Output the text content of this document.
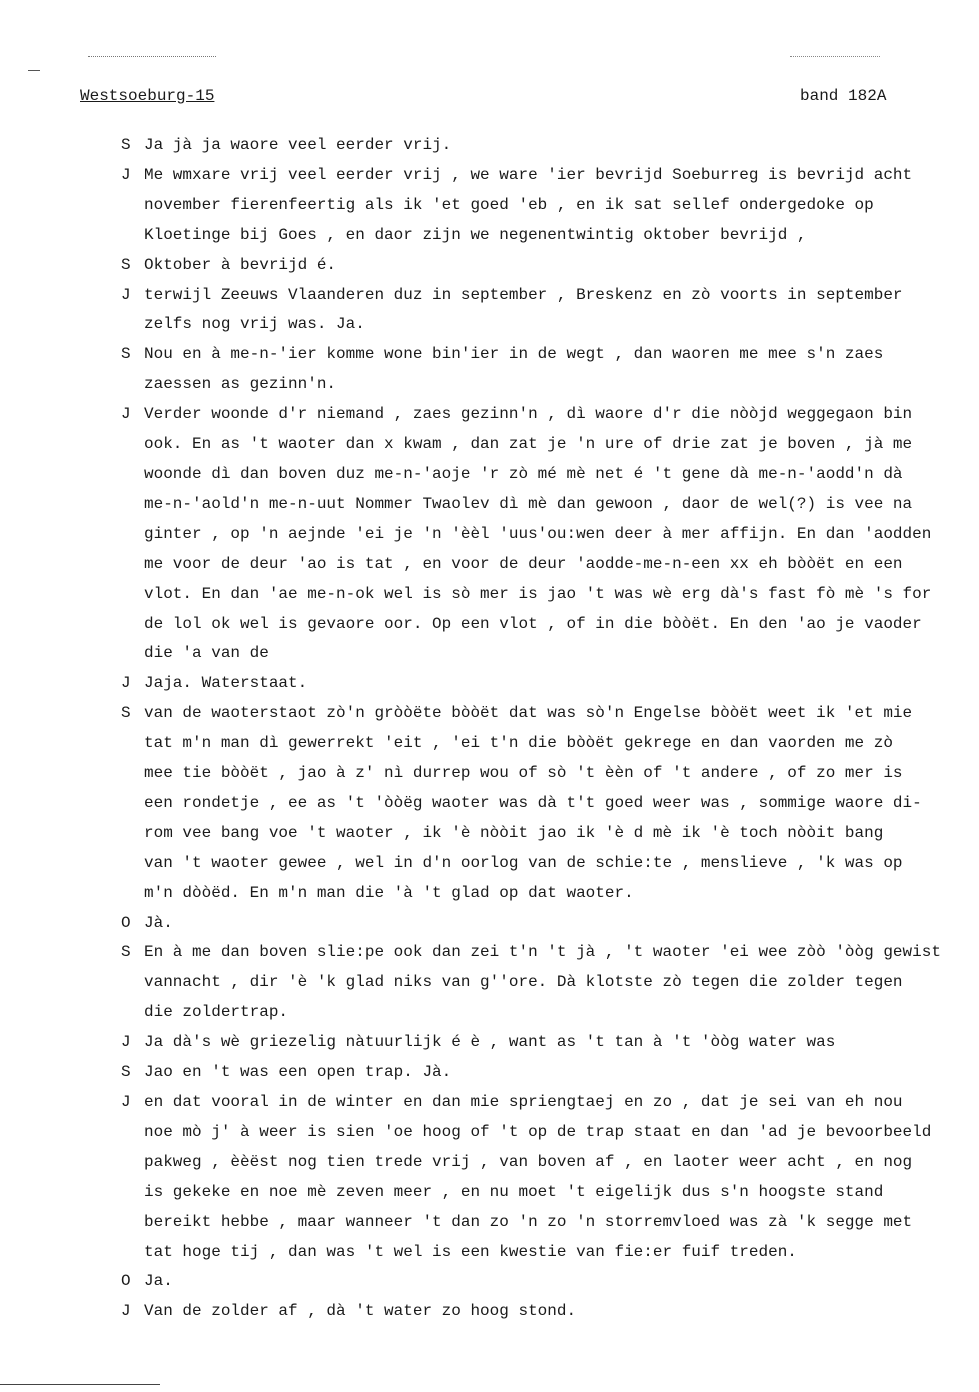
Westsoeburg-15	band 182A
S Ja jà ja waore veel eerder vrij.
J Me wmxare vrij veel eerder vrij , we ware 'ier bevrijd Soeburreg is bevrijd acht
november fierenfeertig als ik 'et goed 'eb , en ik sat sellef ondergedoke op
Kloetinge bij Goes , en daor zijn we negenentwintig oktober bevrijd ,
S Oktober à bevrijd é.
J terwijl Zeeuws Vlaanderen duz in september , Breskenz en zò voorts in september
zelfs nog vrij was. Ja.
S Nou en à me-n-'ier komme wone bin'ier in de wegt , dan waoren me mee s'n zaes
zaessen as gezinn'n.
J Verder woonde d'r niemand , zaes gezinn'n , dì waore d'r die nòòjd weggegaon bin
ook. En as 't waoter dan x kwam , dan zat je 'n ure of drie zat je boven , jà me
woonde dì dan boven duz me-n-'aoje 'r zò mé mè net é 't gene dà me-n-'aodd'n dà
me-n-'aold'n me-n-uut Nommer Twaolev dì mè dan gewoon , daor de wel(?) is vee na
ginter , op 'n aejnde 'ei je 'n 'èèl 'uus'ou:wen deer à mer affijn. En dan 'aodden
me voor de deur 'ao is tat , en voor de deur 'aodde-me-n-een xx eh bòòët en een
vlot. En dan 'ae me-n-ok wel is sò mer is jao 't was wè erg dà's fast fò mè 's for
de lol ok wel is gevaore oor. Op een vlot , of in die bòòët. En den 'ao je vaoder
die 'a van de
J Jaja. Waterstaat.
S van de waoterstaot zò'n gròòëte bòòët dat was sò'n Engelse bòòët weet ik 'et mie
tat m'n man dì gewerrekt 'eit , 'ei t'n die bòòët gekrege en dan vaorden me zò
mee tie bòòët , jao à z' nì durrep wou of sò 't èèn of 't andere , of zo mer is
een rondetje , ee as 't 'òòëg waoter was dà t't goed weer was , sommige waore di-
rom vee bang voe 't waoter , ik 'è nòòit jao ik 'è d mè ik 'è toch nòòit bang
van 't waoter gewee , wel in d'n oorlog van de schie:te , menslieve , 'k was op
m'n dòòëd. En m'n man die 'à 't glad op dat waoter.
O Jà.
S En à me dan boven slie:pe ook dan zei t'n 't jà , 't waoter 'ei wee zòò 'òòg gewist
vannacht , dir 'è 'k glad niks van g''ore. Dà klotste zò tegen die zolder tegen
die zoldertrap.
J Ja dà's wè griezelig nàtuurlijk é è , want as 't tan à 't 'òòg water was
S Jao en 't was een open trap. Jà.
J en dat vooral in de winter en dan mie spriengtaej en zo , dat je sei van eh nou
noe mò j' à weer is sien 'oe hoog of 't op de trap staat en dan 'ad je bevoorbeeld
pakweg , èèëst nog tien trede vrij , van boven af , en laoter weer acht , en nog
is gekeke en noe mè zeven meer , en nu moet 't eigelijk dus s'n hoogste stand
bereikt hebbe , maar wanneer 't dan zo 'n zo 'n storremvloed was zà 'k segge met
tat hoge tij , dan was 't wel is een kwestie van fie:er fuif treden.
O Ja.
J Van de zolder af , dà 't water zo hoog stond.
